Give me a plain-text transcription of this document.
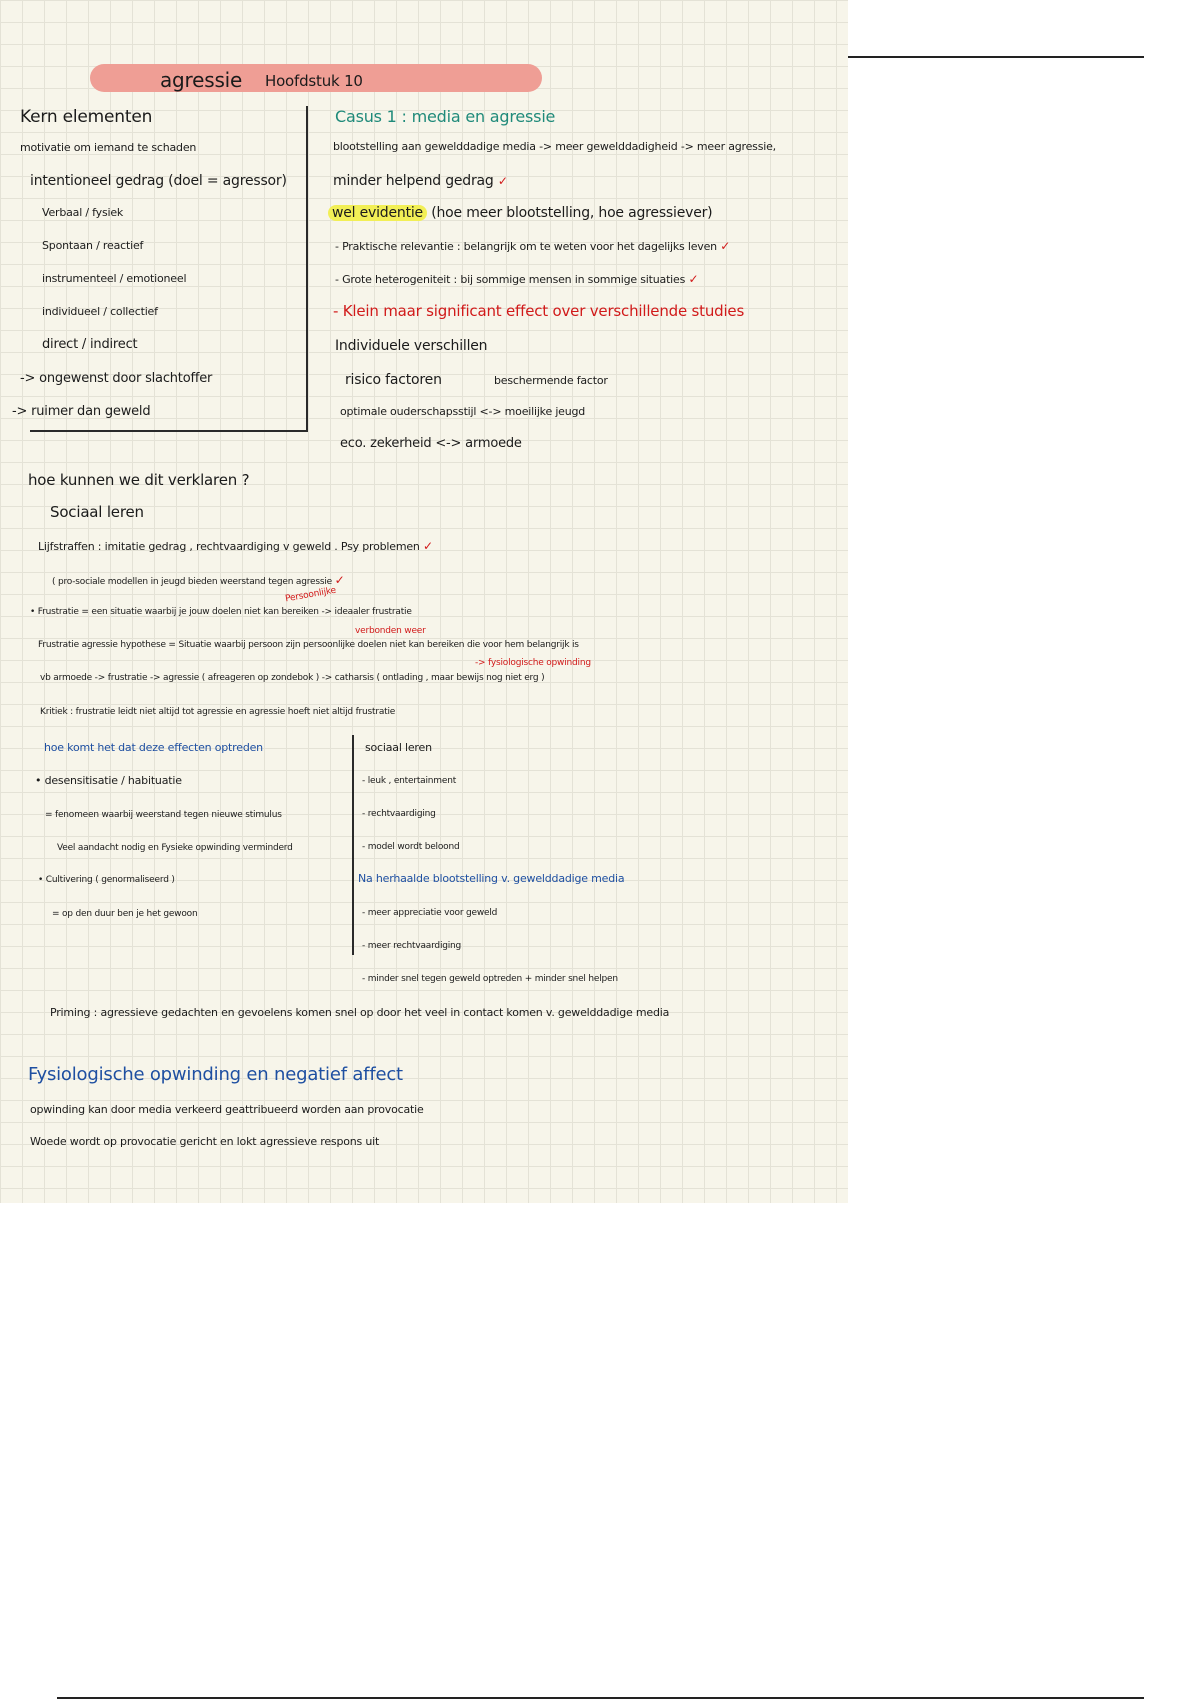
agressie Hoofdstuk 10
Kern elementen
motivatie om iemand te schaden
intentioneel gedrag (doel = agressor)
Verbaal / fysiek
Spontaan / reactief
instrumenteel / emotioneel
individueel / collectief
direct / indirect
-> ongewenst door slachtoffer
-> ruimer dan geweld
Casus 1 : media en agressie
blootstelling aan gewelddadige media -> meer gewelddadigheid -> meer agressie,
minder helpend gedrag ✓
wel evidentie (hoe meer blootstelling, hoe agressiever)
- Praktische relevantie : belangrijk om te weten voor het dagelijks leven ✓
- Grote heterogeniteit : bij sommige mensen in sommige situaties ✓
- Klein maar significant effect over verschillende studies
Individuele verschillen
risico factoren	beschermende factor
optimale ouderschapsstijl <-> moeilijke jeugd
eco. zekerheid <-> armoede
hoe kunnen we dit verklaren ?
Sociaal leren
Lijfstraffen : imitatie gedrag , rechtvaardiging v geweld . Psy problemen ✓
( pro-sociale modellen in jeugd bieden weerstand tegen agressie ✓
Persoonlijke
• Frustratie = een situatie waarbij je jouw doelen niet kan bereiken -> ideaaler frustratie
verbonden weer
Frustratie agressie hypothese = Situatie waarbij persoon zijn persoonlijke doelen niet kan bereiken die voor hem belangrijk is
-> fysiologische opwinding
vb armoede -> frustratie -> agressie ( afreageren op zondebok ) -> catharsis ( ontlading , maar bewijs nog niet erg )
Kritiek : frustratie leidt niet altijd tot agressie en agressie hoeft niet altijd frustratie
hoe komt het dat deze effecten optreden
• desensitisatie / habituatie
= fenomeen waarbij weerstand tegen nieuwe stimulus
Veel aandacht nodig en Fysieke opwinding verminderd
• Cultivering ( genormaliseerd )
= op den duur ben je het gewoon
sociaal leren
- leuk , entertainment
- rechtvaardiging
- model wordt beloond
Na herhaalde blootstelling v. gewelddadige media
- meer appreciatie voor geweld
- meer rechtvaardiging
- minder snel tegen geweld optreden + minder snel helpen
Priming : agressieve gedachten en gevoelens komen snel op door het veel in contact komen v. gewelddadige media
Fysiologische opwinding en negatief affect
opwinding kan door media verkeerd geattribueerd worden aan provocatie
Woede wordt op provocatie gericht en lokt agressieve respons uit
